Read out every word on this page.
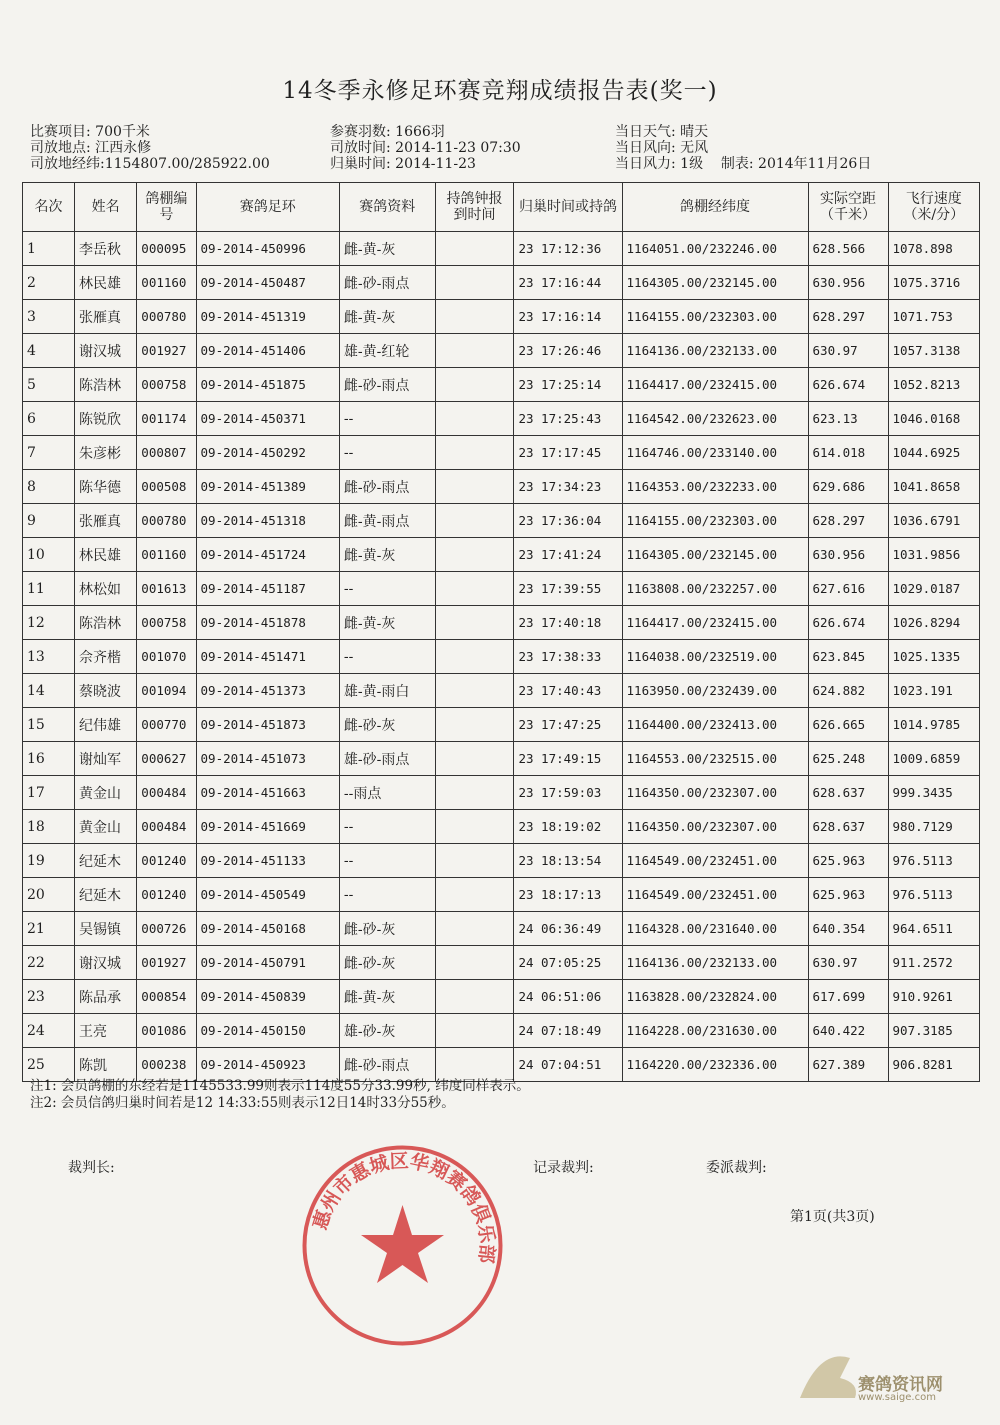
14冬季永修足环赛竞翔成绩报告表(奖一)
比赛项目: 700千米
司放地点: 江西永修
司放地经纬:1154807.00/285922.00
参赛羽数: 1666羽
司放时间: 2014-11-23 07:30
归巢时间: 2014-11-23
当日天气: 晴天
当日风向: 无风
当日风力: 1级 制表: 2014年11月26日
名次	姓名	鸽棚编号	赛鸽足环	赛鸽资料	持鸽钟报到时间	归巢时间或持鸽	鸽棚经纬度	实际空距（千米）	飞行速度（米/分）
1	李岳秋	000095	09-2014-450996	雌-黄-灰		23 17:12:36	1164051.00/232246.00	628.566	1078.898
2	林民雄	001160	09-2014-450487	雌-砂-雨点		23 17:16:44	1164305.00/232145.00	630.956	1075.3716
3	张雁真	000780	09-2014-451319	雌-黄-灰		23 17:16:14	1164155.00/232303.00	628.297	1071.753
4	谢汉城	001927	09-2014-451406	雄-黄-红轮		23 17:26:46	1164136.00/232133.00	630.97	1057.3138
5	陈浩林	000758	09-2014-451875	雌-砂-雨点		23 17:25:14	1164417.00/232415.00	626.674	1052.8213
6	陈锐欣	001174	09-2014-450371	--		23 17:25:43	1164542.00/232623.00	623.13	1046.0168
7	朱彦彬	000807	09-2014-450292	--		23 17:17:45	1164746.00/233140.00	614.018	1044.6925
8	陈华德	000508	09-2014-451389	雌-砂-雨点		23 17:34:23	1164353.00/232233.00	629.686	1041.8658
9	张雁真	000780	09-2014-451318	雌-黄-雨点		23 17:36:04	1164155.00/232303.00	628.297	1036.6791
10	林民雄	001160	09-2014-451724	雌-黄-灰		23 17:41:24	1164305.00/232145.00	630.956	1031.9856
11	林松如	001613	09-2014-451187	--		23 17:39:55	1163808.00/232257.00	627.616	1029.0187
12	陈浩林	000758	09-2014-451878	雌-黄-灰		23 17:40:18	1164417.00/232415.00	626.674	1026.8294
13	佘齐楷	001070	09-2014-451471	--		23 17:38:33	1164038.00/232519.00	623.845	1025.1335
14	蔡晓波	001094	09-2014-451373	雄-黄-雨白		23 17:40:43	1163950.00/232439.00	624.882	1023.191
15	纪伟雄	000770	09-2014-451873	雌-砂-灰		23 17:47:25	1164400.00/232413.00	626.665	1014.9785
16	谢灿军	000627	09-2014-451073	雄-砂-雨点		23 17:49:15	1164553.00/232515.00	625.248	1009.6859
17	黄金山	000484	09-2014-451663	--雨点		23 17:59:03	1164350.00/232307.00	628.637	999.3435
18	黄金山	000484	09-2014-451669	--		23 18:19:02	1164350.00/232307.00	628.637	980.7129
19	纪延木	001240	09-2014-451133	--		23 18:13:54	1164549.00/232451.00	625.963	976.5113
20	纪延木	001240	09-2014-450549	--		23 18:17:13	1164549.00/232451.00	625.963	976.5113
21	吴锡镇	000726	09-2014-450168	雌-砂-灰		24 06:36:49	1164328.00/231640.00	640.354	964.6511
22	谢汉城	001927	09-2014-450791	雌-砂-灰		24 07:05:25	1164136.00/232133.00	630.97	911.2572
23	陈品承	000854	09-2014-450839	雌-黄-灰		24 06:51:06	1163828.00/232824.00	617.699	910.9261
24	王亮	001086	09-2014-450150	雄-砂-灰		24 07:18:49	1164228.00/231630.00	640.422	907.3185
25	陈凯	000238	09-2014-450923	雌-砂-雨点		24 07:04:51	1164220.00/232336.00	627.389	906.8281
注1: 会员鸽棚的东经若是1145533.99则表示114度55分33.99秒, 纬度同样表示。
注2: 会员信鸽归巢时间若是12 14:33:55则表示12日14时33分55秒。
裁判长:	记录裁判:	委派裁判:
第1页(共3页)
惠州市惠城区华翔赛鸽俱乐部
赛鸽资讯网
www.saige.com
